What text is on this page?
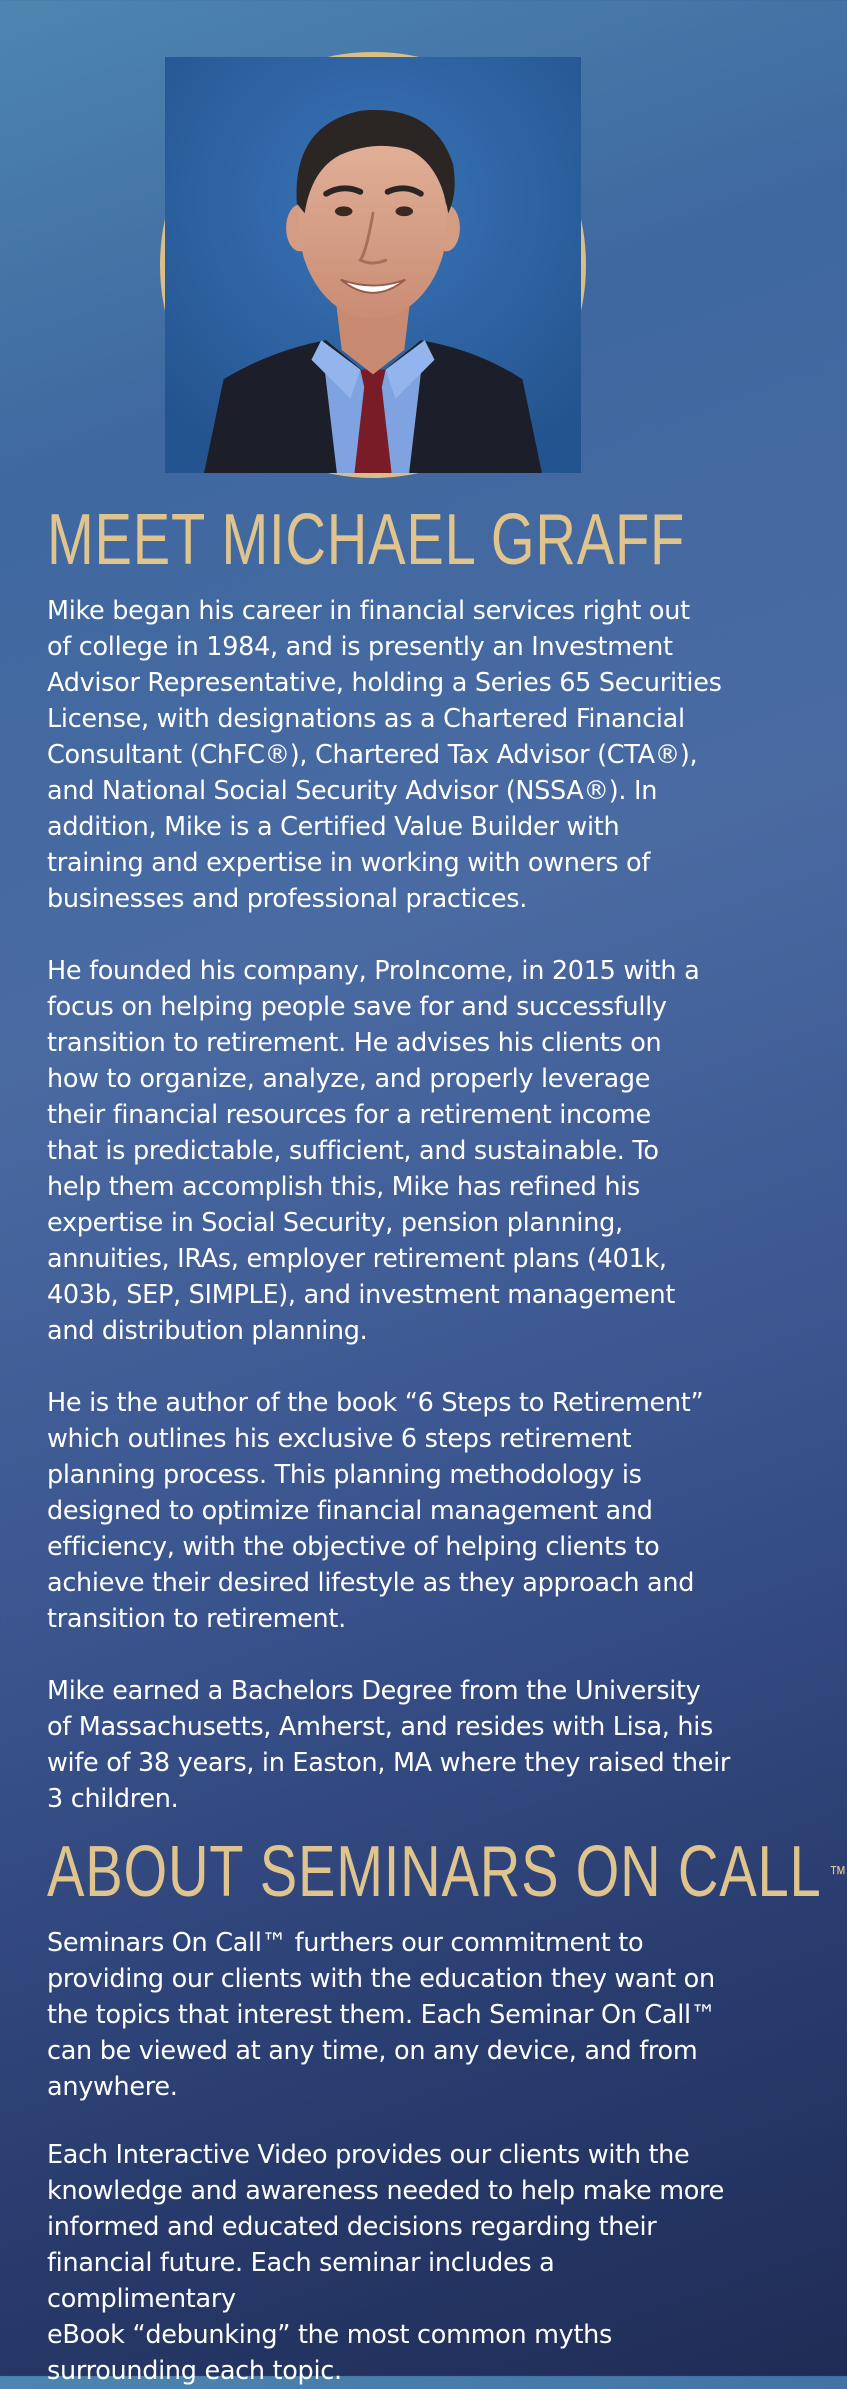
MEET MICHAEL GRAFF

Mike began his career in financial services right out
of college in 1984, and is presently an Investment
Advisor Representative, holding a Series 65 Securities
License, with designations as a Chartered Financial
Consultant (ChFC®), Chartered Tax Advisor (CTA®),
and National Social Security Advisor (NSSA®). In
addition, Mike is a Certified Value Builder with
training and expertise in working with owners of
businesses and professional practices.

He founded his company, ProIncome, in 2015 with a
focus on helping people save for and successfully
transition to retirement. He advises his clients on
how to organize, analyze, and properly leverage
their financial resources for a retirement income
that is predictable, sufficient, and sustainable. To
help them accomplish this, Mike has refined his
expertise in Social Security, pension planning,
annuities, IRAs, employer retirement plans (401k,
403b, SEP, SIMPLE), and investment management
and distribution planning.

He is the author of the book “6 Steps to Retirement”
which outlines his exclusive 6 steps retirement
planning process. This planning methodology is
designed to optimize financial management and
efficiency, with the objective of helping clients to
achieve their desired lifestyle as they approach and
transition to retirement.

Mike earned a Bachelors Degree from the University
of Massachusetts, Amherst, and resides with Lisa, his
wife of 38 years, in Easton, MA where they raised their
3 children.

ABOUT SEMINARS ON CALL ™

Seminars On Call™ furthers our commitment to
providing our clients with the education they want on
the topics that interest them. Each Seminar On Call™
can be viewed at any time, on any device, and from
anywhere.

Each Interactive Video provides our clients with the
knowledge and awareness needed to help make more
informed and educated decisions regarding their
financial future. Each seminar includes a complimentary
eBook “debunking” the most common myths
surrounding each topic.
